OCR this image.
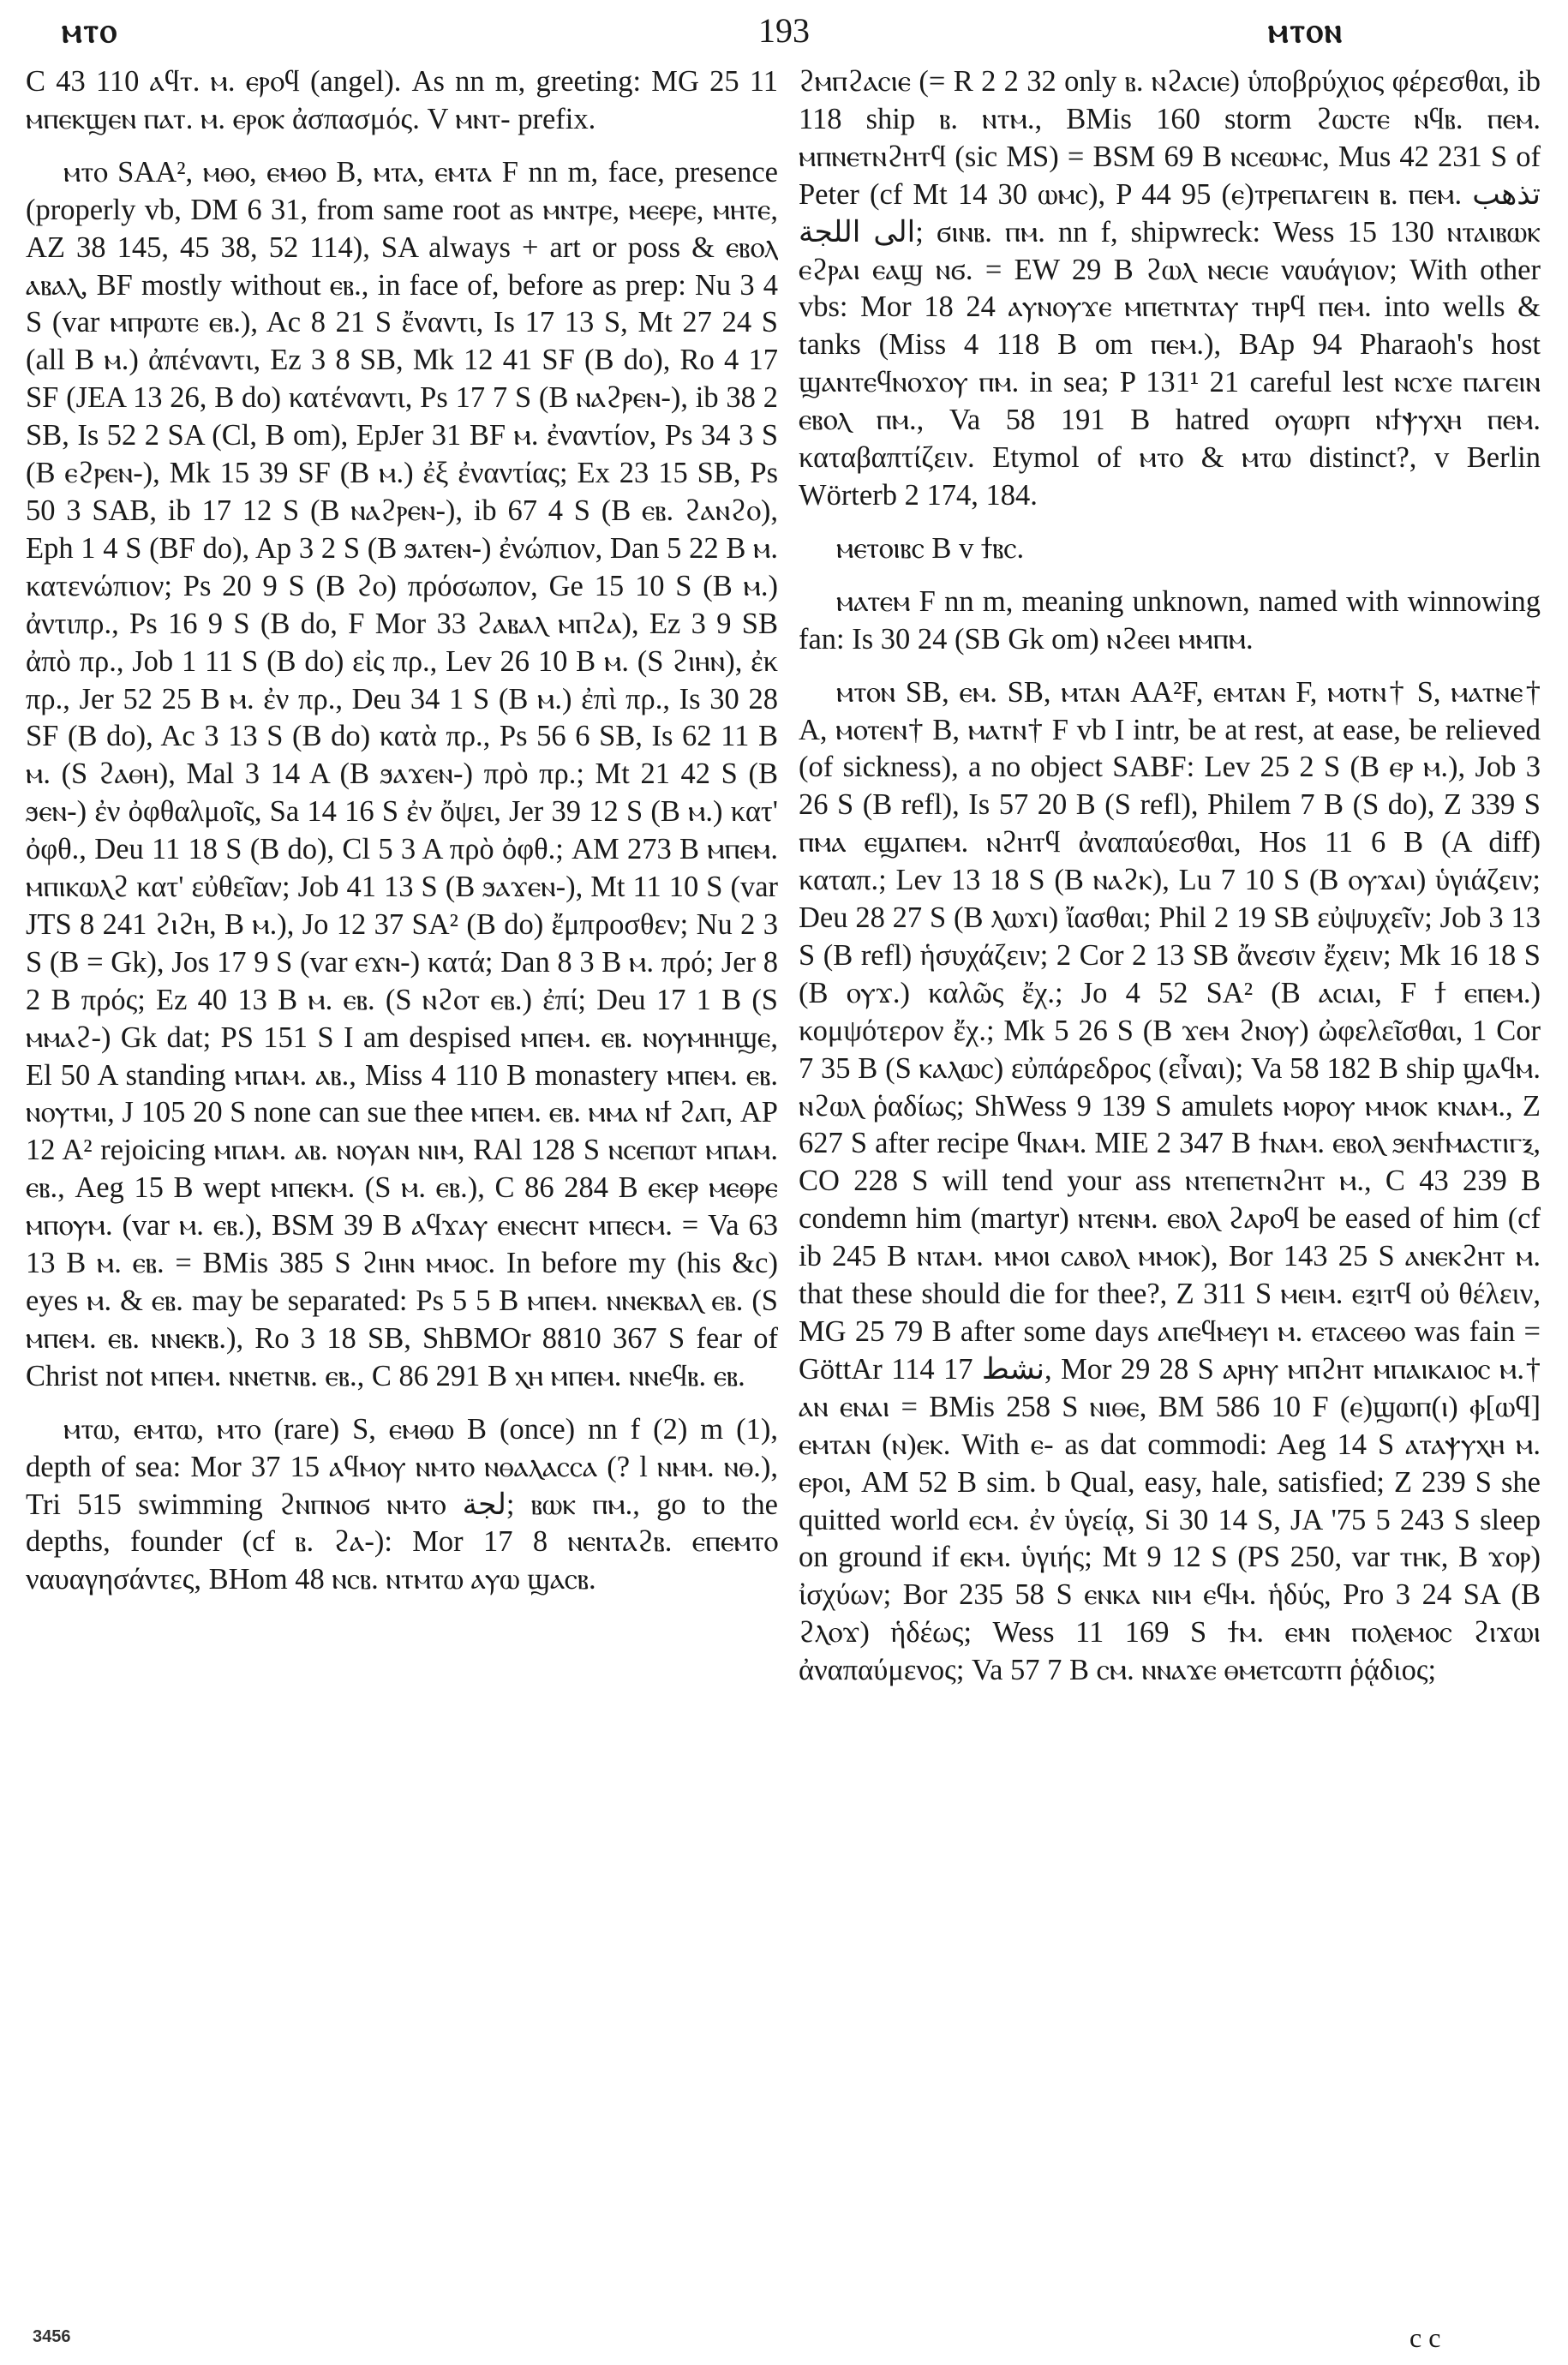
193
ⲙⲧⲟ	ⲙⲧⲟⲛ

C 43 110 ⲁϥⲧ. ⲙ. ⲉⲣⲟϥ (angel). As nn m, greeting: MG 25 11 ⲙⲡⲉⲕϣⲉⲛ ⲡⲁⲧ. ⲙ. ⲉⲣⲟⲕ ἀσπασμός. V ⲙⲛⲧ- prefix.

ⲙⲧⲟ SAA², ⲙⲑⲟ, ⲉⲙⲑⲟ B, ⲙⲧⲁ, ⲉⲙⲧⲁ F nn m, face, presence (properly vb, DM 6 31, from same root as ⲙⲛⲧⲣⲉ, ⲙⲉⲉⲣⲉ, ⲙⲏⲧⲉ, AZ 38 145, 45 38, 52 114), SA always + art or poss & ⲉⲃⲟⲗ ⲁⲃⲁⲗ, BF mostly without ⲉⲃ., in face of, before as prep: Nu 3 4 S (var ⲙⲡⲣⲱⲧⲉ ⲉⲃ.), Ac 8 21 S ἔναντι, Is 17 13 S, Mt 27 24 S (all B ⲙ.) ἀπέναντι, Ez 3 8 SB, Mk 12 41 SF (B do), Ro 4 17 SF (JEA 13 26, B do) κατέναντι, Ps 17 7 S (B ⲛⲁϩⲣⲉⲛ-), ib 38 2 SB, Is 52 2 SA (Cl, B om), EpJer 31 BF ⲙ. ἐναντίον, Ps 34 3 S (B ⲉϩⲣⲉⲛ-), Mk 15 39 SF (B ⲙ.) ἐξ ἐναντίας; Ex 23 15 SB, Ps 50 3 SAB, ib 17 12 S (B ⲛⲁϩⲣⲉⲛ-), ib 67 4 S (B ⲉⲃ. ϩⲁⲛϩⲟ), Eph 1 4 S (BF do), Ap 3 2 S (B ϧⲁⲧⲉⲛ-) ἐνώπιον, Dan 5 22 B ⲙ. κατενώπιον; Ps 20 9 S (B ϩⲟ) πρόσωπον, Ge 15 10 S (B ⲙ.) ἀντιπρ., Ps 16 9 S (B do, F Mor 33 ϩⲁⲃⲁⲗ ⲙⲡϩⲁ), Ez 3 9 SB ἀπὸ πρ., Job 1 11 S (B do) εἰς πρ., Lev 26 10 B ⲙ. (S ϩⲓⲏⲛ), ἐκ πρ., Jer 52 25 B ⲙ. ἐν πρ., Deu 34 1 S (B ⲙ.) ἐπὶ πρ., Is 30 28 SF (B do), Ac 3 13 S (B do) κατὰ πρ., Ps 56 6 SB, Is 62 11 B ⲙ. (S ϩⲁⲑⲏ), Mal 3 14 A (B ϧⲁϫⲉⲛ-) πρὸ πρ.; Mt 21 42 S (B ϧⲉⲛ-) ἐν ὀφθαλμοῖς, Sa 14 16 S ἐν ὄψει, Jer 39 12 S (B ⲙ.) κατ' ὀφθ., Deu 11 18 S (B do), Cl 5 3 A πρὸ ὀφθ.; AM 273 B ⲙⲡⲉⲙ. ⲙⲡⲓⲕⲱⲗϩ κατ' εὐθεῖαν; Job 41 13 S (B ϧⲁϫⲉⲛ-), Mt 11 10 S (var JTS 8 241 ϩⲓϩⲏ, B ⲙ.), Jo 12 37 SA² (B do) ἔμπροσθεν; Nu 2 3 S (B = Gk), Jos 17 9 S (var ⲉϫⲛ-) κατά; Dan 8 3 B ⲙ. πρό; Jer 8 2 B πρός; Ez 40 13 B ⲙ. ⲉⲃ. (S ⲛϩⲟⲧ ⲉⲃ.) ἐπί; Deu 17 1 B (S ⲙⲙⲁϩ-) Gk dat; PS 151 S I am despised ⲙⲡⲉⲙ. ⲉⲃ. ⲛⲟⲩⲙⲏⲏϣⲉ, El 50 A standing ⲙⲡⲁⲙ. ⲁⲃ., Miss 4 110 B monastery ⲙⲡⲉⲙ. ⲉⲃ. ⲛⲟⲩⲧⲙⲓ, J 105 20 S none can sue thee ⲙⲡⲉⲙ. ⲉⲃ. ⲙⲙⲁ ⲛϯ ϩⲁⲡ, AP 12 A² rejoicing ⲙⲡⲁⲙ. ⲁⲃ. ⲛⲟⲩⲁⲛ ⲛⲓⲙ, RAl 128 S ⲛⲥⲉⲡⲱⲧ ⲙⲡⲁⲙ. ⲉⲃ., Aeg 15 B wept ⲙⲡⲉⲕⲙ. (S ⲙ. ⲉⲃ.), C 86 284 B ⲉⲕⲉⲣ ⲙⲉⲑⲣⲉ ⲙⲡⲟⲩⲙ. (var ⲙ. ⲉⲃ.), BSM 39 B ⲁϥϫⲁⲩ ⲉⲛⲉⲥⲏⲧ ⲙⲡⲉⲥⲙ. = Va 63 13 B ⲙ. ⲉⲃ. = BMis 385 S ϩⲓⲏⲛ ⲙⲙⲟⲥ. In before my (his &c) eyes ⲙ. & ⲉⲃ. may be separated: Ps 5 5 B ⲙⲡⲉⲙ. ⲛⲛⲉⲕⲃⲁⲗ ⲉⲃ. (S ⲙⲡⲉⲙ. ⲉⲃ. ⲛⲛⲉⲕⲃ.), Ro 3 18 SB, ShBMOr 8810 367 S fear of Christ not ⲙⲡⲉⲙ. ⲛⲛⲉⲧⲛⲃ. ⲉⲃ., C 86 291 B ⲭⲏ ⲙⲡⲉⲙ. ⲛⲛⲉϥⲃ. ⲉⲃ.

ⲙⲧⲱ, ⲉⲙⲧⲱ, ⲙⲧⲟ (rare) S, ⲉⲙⲑⲱ B (once) nn f (2) m (1), depth of sea: Mor 37 15 ⲁϥⲙⲟⲩ ⲛⲙⲧⲟ ⲛⲑⲁⲗⲁⲥⲥⲁ (? l ⲛⲙⲙ. ⲛⲑ.), Tri 515 swimming ϩⲛⲡⲛⲟϭ ⲛⲙⲧⲟ ﻟﺠﺔ; ⲃⲱⲕ ⲡⲙ., go to the depths, founder (cf ⲃ. ϩⲁ-): Mor 17 8 ⲛⲉⲛⲧⲁϩⲃ. ⲉⲡⲉⲙⲧⲟ ναυαγησάντες, BHom 48 ⲛⲥⲃ. ⲛⲧⲙⲧⲱ ⲁⲩⲱ ϣⲁⲥⲃ.

ϩⲙⲡϩⲁⲥⲓⲉ (= R 2 2 32 only ⲃ. ⲛϩⲁⲥⲓⲉ) ὑποβρύχιος φέρεσθαι, ib 118 ship ⲃ. ⲛⲧⲙ., BMis 160 storm ϩⲱⲥⲧⲉ ⲛϥⲃ. ⲡⲉⲙ. ⲙⲡⲛⲉⲧⲛϩⲏⲧϥ (sic MS) = BSM 69 B ⲛⲥⲉⲱⲙⲥ, Mus 42 231 S of Peter (cf Mt 14 30 ⲱⲙⲥ), P 44 95 (ⲉ)ⲧⲣⲉⲡⲁⲅⲉⲓⲛ ⲃ. ⲡⲉⲙ. ﺗﺬﻫﺐ ﺍﻟﻰ ﺍﻟﻠﺠﺔ; ϭⲓⲛⲃ. ⲡⲙ. nn f, shipwreck: Wess 15 130 ⲛⲧⲁⲓⲃⲱⲕ ⲉϩⲣⲁⲓ ⲉⲁϣ ⲛϭ. = EW 29 B ϩⲱⲗ ⲛⲉⲥⲓⲉ ναυάγιον; With other vbs: Mor 18 24 ⲁⲩⲛⲟⲩϫⲉ ⲙⲡⲉⲧⲛⲧⲁⲩ ⲧⲏⲣϥ ⲡⲉⲙ. into wells & tanks (Miss 4 118 B om ⲡⲉⲙ.), BAp 94 Pharaoh's host ϣⲁⲛⲧⲉϥⲛⲟϫⲟⲩ ⲡⲙ. in sea; P 131¹ 21 careful lest ⲛⲥϫⲉ ⲡⲁⲅⲉⲓⲛ ⲉⲃⲟⲗ ⲡⲙ., Va 58 191 B hatred ⲟⲩⲱⲣⲡ ⲛϯⲯⲩⲭⲏ ⲡⲉⲙ. καταβαπτίζειν. Etymol of ⲙⲧⲟ & ⲙⲧⲱ distinct?, v Berlin Wörterb 2 174, 184.

ⲙⲉⲧⲟⲓⲃⲥ B v ϯⲃⲥ.

ⲙⲁⲧⲉⲙ F nn m, meaning unknown, named with winnowing fan: Is 30 24 (SB Gk om) ⲛϩⲉⲉⲓ ⲙⲙⲡⲙ.

ⲙⲧⲟⲛ SB, ⲉⲙ. SB, ⲙⲧⲁⲛ AA²F, ⲉⲙⲧⲁⲛ F, ⲙⲟⲧⲛ† S, ⲙⲁⲧⲛⲉ† A, ⲙⲟⲧⲉⲛ† B, ⲙⲁⲧⲛ† F vb I intr, be at rest, at ease, be relieved (of sickness), a no object SABF: Lev 25 2 S (B ⲉⲣ ⲙ.), Job 3 26 S (B refl), Is 57 20 B (S refl), Philem 7 B (S do), Z 339 S ⲡⲙⲁ ⲉϣⲁⲡⲉⲙ. ⲛϩⲏⲧϥ ἀναπαύεσθαι, Hos 11 6 B (A diff) καταπ.; Lev 13 18 S (B ⲛⲁϩⲕ), Lu 7 10 S (B ⲟⲩϫⲁⲓ) ὑγιάζειν; Deu 28 27 S (B ⲗⲱϫⲓ) ἴασθαι; Phil 2 19 SB εὐψυχεῖν; Job 3 13 S (B refl) ἡσυχάζειν; 2 Cor 2 13 SB ἄνεσιν ἔχειν; Mk 16 18 S (B ⲟⲩϫ.) καλῶς ἔχ.; Jo 4 52 SA² (B ⲁⲥⲓⲁⲓ, F ϯ ⲉⲡⲉⲙ.) κομψότερον ἔχ.; Mk 5 26 S (B ϫⲉⲙ ϩⲛⲟⲩ) ὠφελεῖσθαι, 1 Cor 7 35 B (S ⲕⲁⲗⲱⲥ) εὐπάρεδρος (εἶναι); Va 58 182 B ship ϣⲁϥⲙ. ⲛϩⲱⲗ ῥαδίως; ShWess 9 139 S amulets ⲙⲟⲣⲟⲩ ⲙⲙⲟⲕ ⲕⲛⲁⲙ., Z 627 S after recipe ϥⲛⲁⲙ. MIE 2 347 B ϯⲛⲁⲙ. ⲉⲃⲟⲗ ϧⲉⲛϯⲙⲁⲥⲧⲓⲅⲝ, CO 228 S will tend your ass ⲛⲧⲉⲡⲉⲧⲛϩⲏⲧ ⲙ., C 43 239 B condemn him (martyr) ⲛⲧⲉⲛⲙ. ⲉⲃⲟⲗ ϩⲁⲣⲟϥ be eased of him (cf ib 245 B ⲛⲧⲁⲙ. ⲙⲙⲟⲓ ⲥⲁⲃⲟⲗ ⲙⲙⲟⲕ), Bor 143 25 S ⲁⲛⲉⲕϩⲏⲧ ⲙ. that these should die for thee?, Z 311 S ⲙⲉⲓⲙ. ⲉⲝⲓⲧϥ οὐ θέλειν, MG 25 79 B after some days ⲁⲡⲉϥⲙⲉⲩⲓ ⲙ. ⲉⲧⲁⲥⲉⲑⲟ was fain = GöttAr 114 17 ﻧﺸﻂ, Mor 29 28 S ⲁⲣⲏⲩ ⲙⲡϩⲏⲧ ⲙⲡⲁⲓⲕⲁⲓⲟⲥ ⲙ.† ⲁⲛ ⲉⲛⲁⲓ = BMis 258 S ⲛⲓⲑⲉ, BM 586 10 F (ⲉ)ϣⲱⲡ(ⲓ) ⲫ[ⲱϥ] ⲉⲙⲧⲁⲛ (ⲛ)ⲉⲕ. With ⲉ- as dat commodi: Aeg 14 S ⲁⲧⲁⲯⲩⲭⲏ ⲙ. ⲉⲣⲟⲓ, AM 52 B sim. b Qual, easy, hale, satisfied; Z 239 S she quitted world ⲉⲥⲙ. ἐν ὑγείᾳ, Si 30 14 S, JA '75 5 243 S sleep on ground if ⲉⲕⲙ. ὑγιής; Mt 9 12 S (PS 250, var ⲧⲏⲕ, B ϫⲟⲣ) ἰσχύων; Bor 235 58 S ⲉⲛⲕⲁ ⲛⲓⲙ ⲉϥⲙ. ἡδύς, Pro 3 24 SA (B ϩⲗⲟϫ) ἡδέως; Wess 11 169 S ϯⲙ. ⲉⲙⲛ ⲡⲟⲗⲉⲙⲟⲥ ϩⲓϫⲱⲓ ἀναπαύμενος; Va 57 7 B ⲥⲙ. ⲛⲛⲁϫⲉ ⲑⲙⲉⲧⲥⲱⲧⲡ ῥᾴδιος;

3456	c c
